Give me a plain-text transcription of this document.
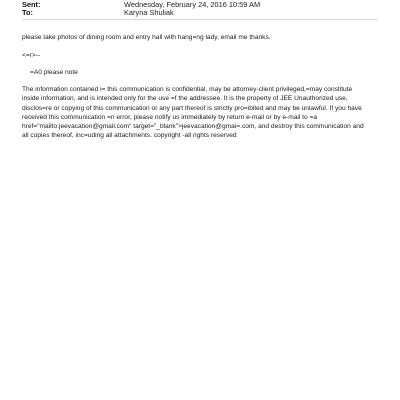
Sent:	Wednesday, February 24, 2016 10:59 AM
To:	Karyna Shuliak
please take photos of dining room and entry hall with hang=ng lady, email me thanks.
<=r>--
=A0 please note

The information contained i= this communication is confidential, may be attorney-client privileged,=may constitute
inside information, and is intended only for the use =f the addressee. It is the property of JEE Unauthorized use,
disclos=re or copying of this communication or any part thereof is strictly pro=ibited and may be unlawful. If you have
received this communication =n error, please notify us immediately by return e-mail or by e-mail to =a
href="mailto:jeevacation@gmail.com" target="_blank">jeevacation@gmai=.com, and destroy this communication and
all copies thereof, inc=uding all attachments. copyright -all rights reserved
